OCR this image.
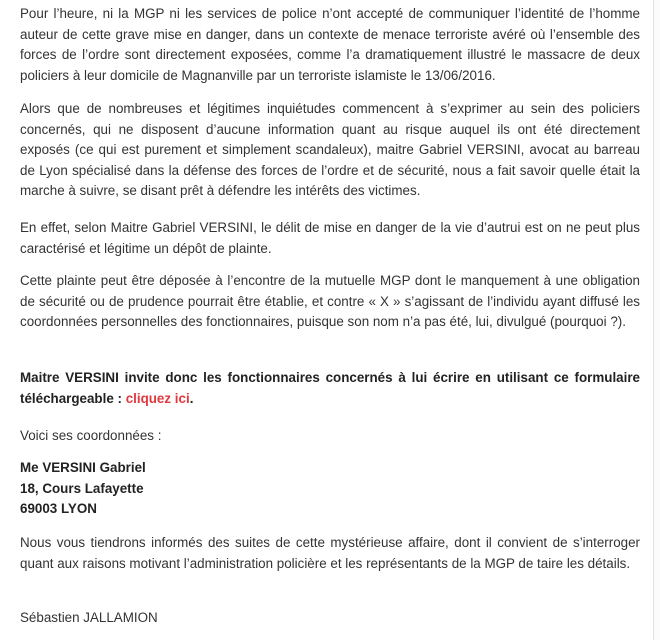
Pour l’heure, ni la MGP ni les services de police n’ont accepté de communiquer l’identité de l’homme auteur de cette grave mise en danger, dans un contexte de menace terroriste avéré où l’ensemble des forces de l’ordre sont directement exposées, comme l’a dramatiquement illustré le massacre de deux policiers à leur domicile de Magnanville par un terroriste islamiste le 13/06/2016.

Alors que de nombreuses et légitimes inquiétudes commencent à s’exprimer au sein des policiers concernés, qui ne disposent d’aucune information quant au risque auquel ils ont été directement exposés (ce qui est purement et simplement scandaleux), maitre Gabriel VERSINI, avocat au barreau de Lyon spécialisé dans la défense des forces de l’ordre et de sécurité, nous a fait savoir quelle était la marche à suivre, se disant prêt à défendre les intérêts des victimes.

En effet, selon Maitre Gabriel VERSINI, le délit de mise en danger de la vie d’autrui est on ne peut plus caractérisé et légitime un dépôt de plainte.

Cette plainte peut être déposée à l’encontre de la mutuelle MGP dont le manquement à une obligation de sécurité ou de prudence pourrait être établie, et contre « X » s’agissant de l’individu ayant diffusé les coordonnées personnelles des fonctionnaires, puisque son nom n’a pas été, lui, divulgué (pourquoi ?).

Maitre VERSINI invite donc les fonctionnaires concernés à lui écrire en utilisant ce formulaire téléchargeable : cliquez ici.

Voici ses coordonnées :

Me VERSINI Gabriel
18, Cours Lafayette
69003 LYON

Nous vous tiendrons informés des suites de cette mystérieuse affaire, dont il convient de s’interroger quant aux raisons motivant l’administration policière et les représentants de la MGP de taire les détails.

Sébastien JALLAMION
